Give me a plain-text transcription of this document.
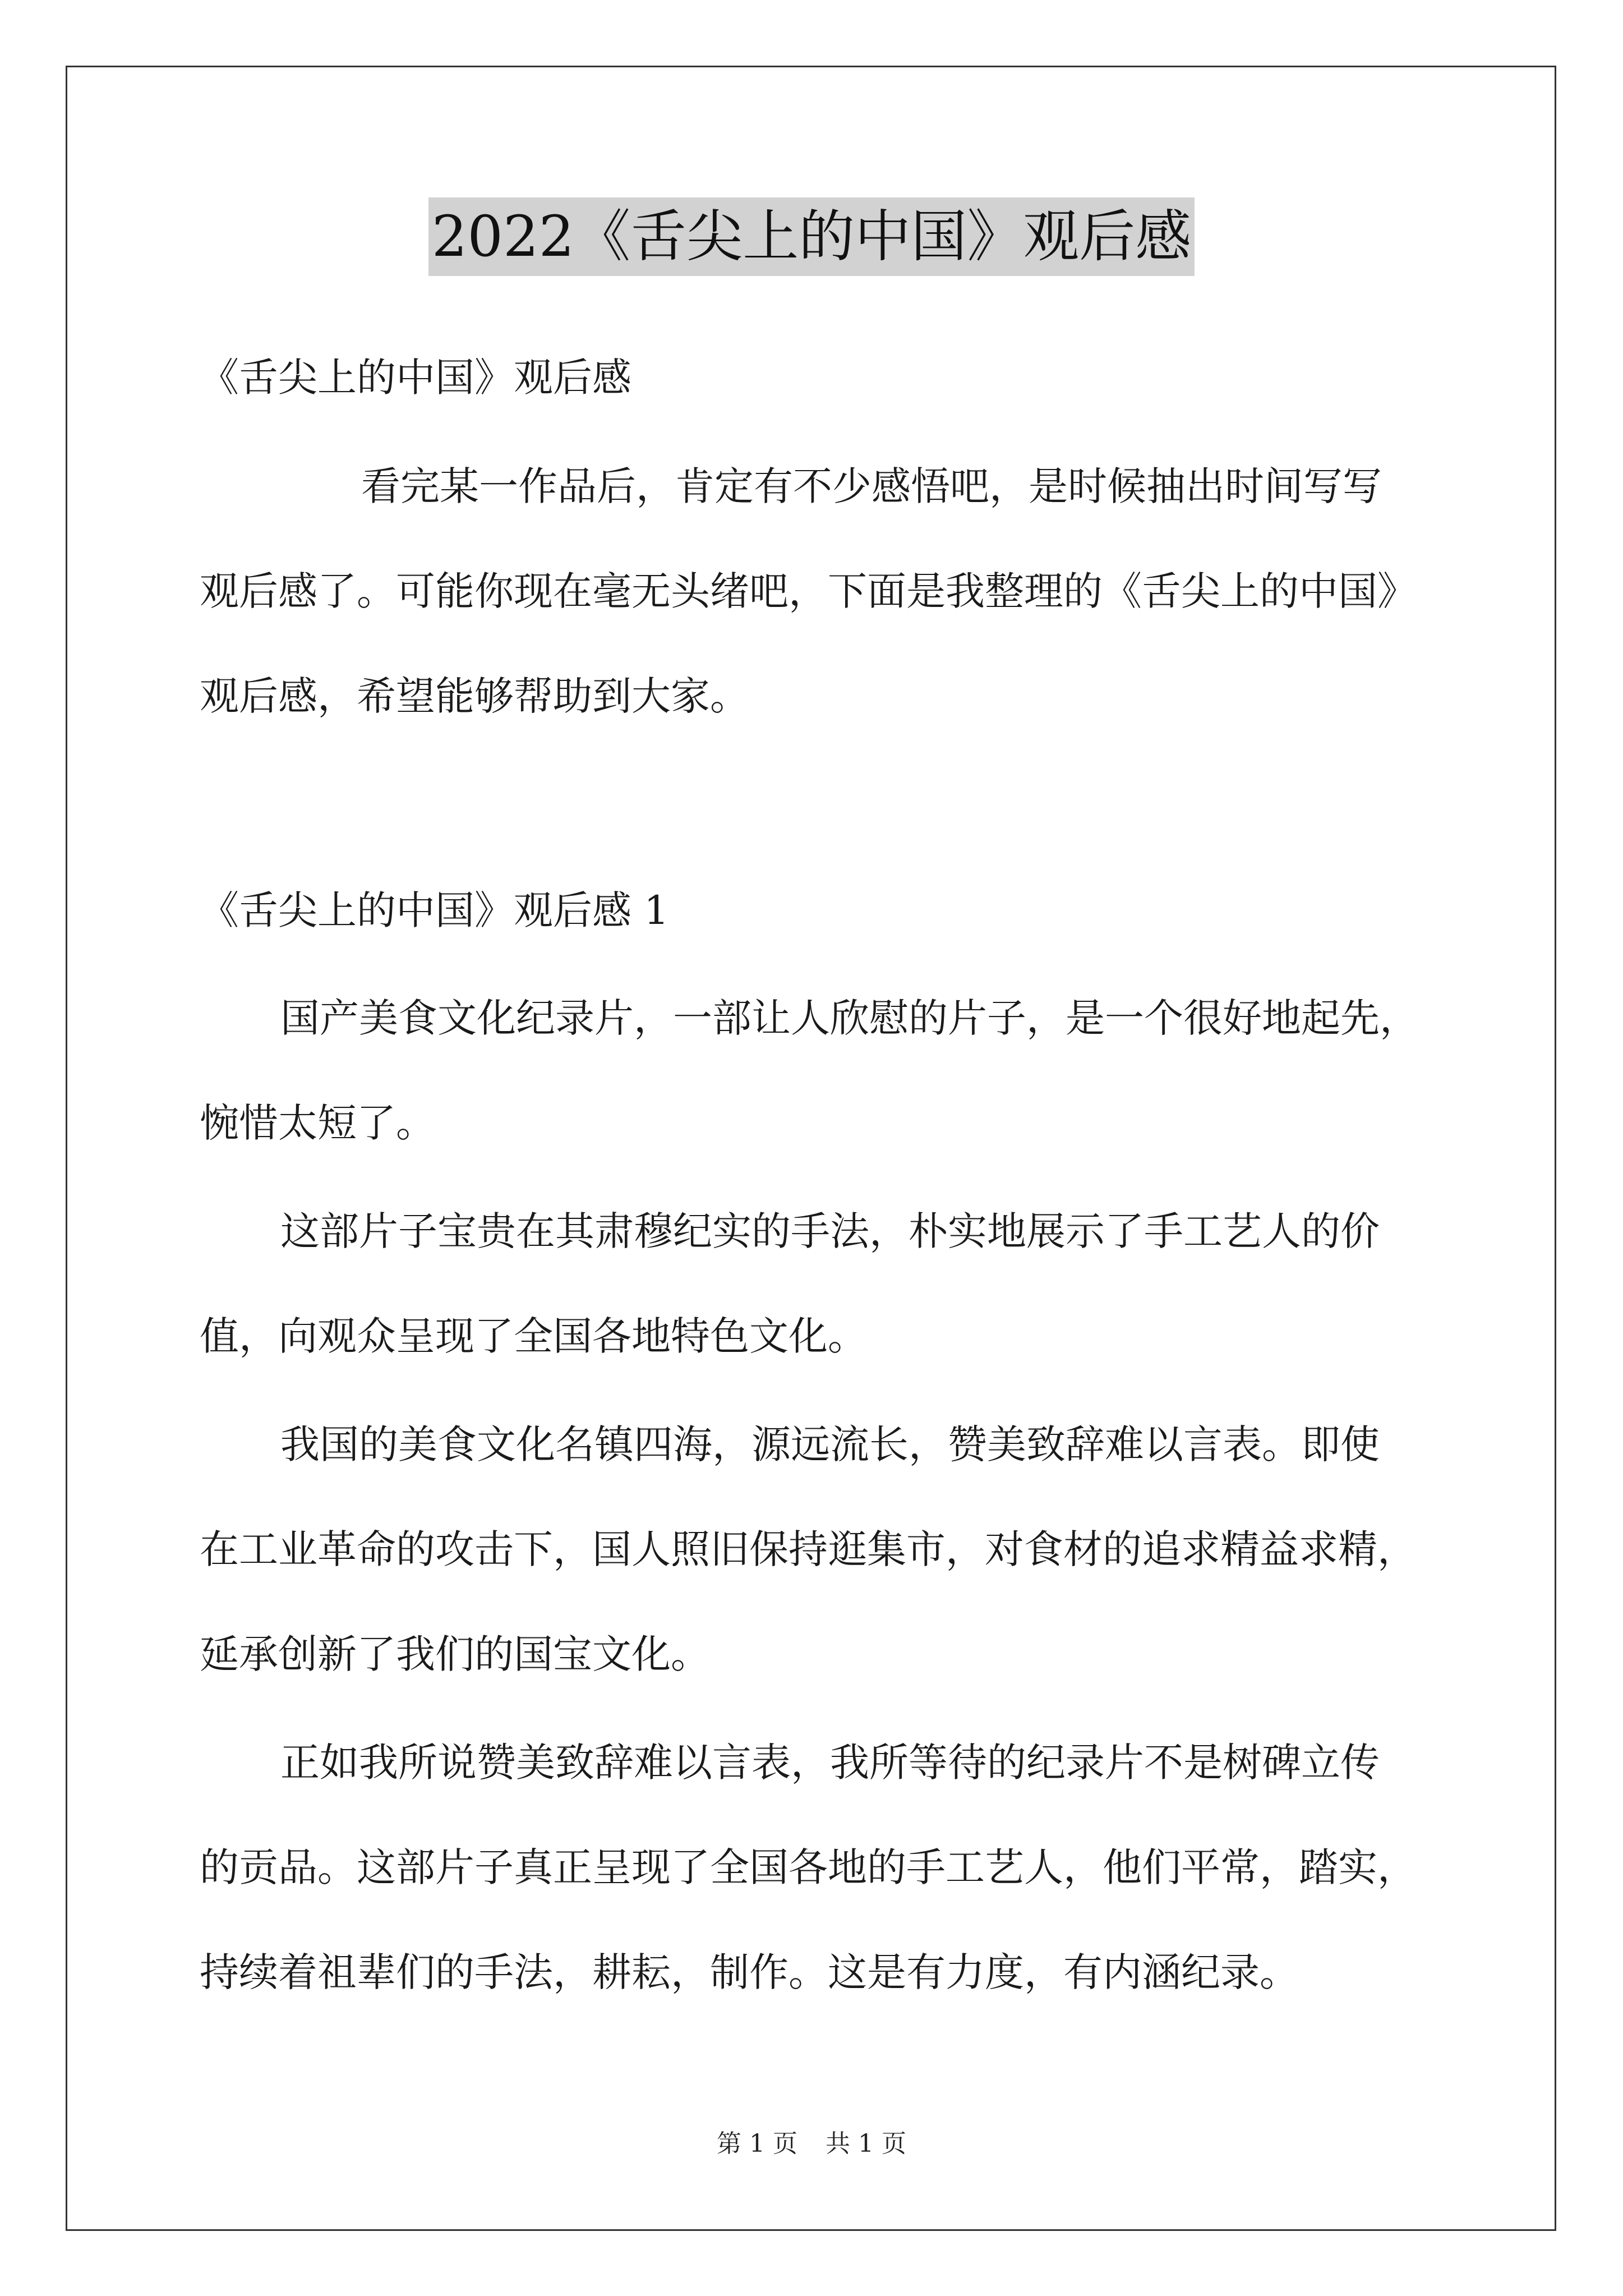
2022《舌尖上的中国》观后感
《舌尖上的中国》观后感
看完某一作品后，肯定有不少感悟吧，是时候抽出时间写写
观后感了。可能你现在毫无头绪吧，下面是我整理的《舌尖上的中国》
观后感，希望能够帮助到大家。
《舌尖上的中国》观后感 1
国产美食文化纪录片，一部让人欣慰的片子，是一个很好地起先，
惋惜太短了。
这部片子宝贵在其肃穆纪实的手法，朴实地展示了手工艺人的价
值，向观众呈现了全国各地特色文化。
我国的美食文化名镇四海，源远流长，赞美致辞难以言表。即使
在工业革命的攻击下，国人照旧保持逛集市，对食材的追求精益求精，
延承创新了我们的国宝文化。
正如我所说赞美致辞难以言表，我所等待的纪录片不是树碑立传
的贡品。这部片子真正呈现了全国各地的手工艺人，他们平常，踏实，
持续着祖辈们的手法，耕耘，制作。这是有力度，有内涵纪录。
第 1 页 共 1 页
